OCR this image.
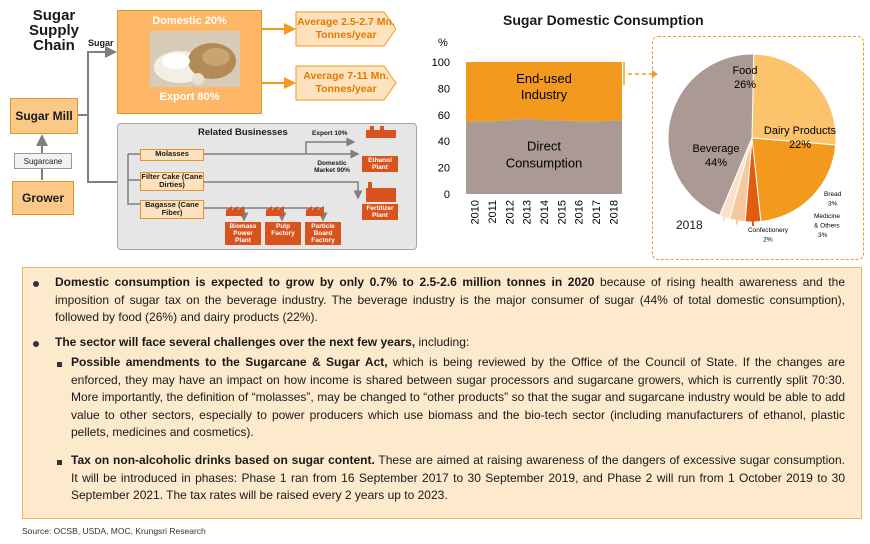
Sugar Supply Chain
Sugar Mill
Sugarcane
Grower
Sugar
Domestic 20%
Export 80%
Average 2.5-2.7 Mn. Tonnes/year
Average 7-11 Mn. Tonnes/year
Related Businesses
Molasses
Filter Cake (Cane Dirties)
Bagasse (Cane Fiber)
Export 10%
Domestic Market 90%
Ethanol Plant
Fertilizer Plant
Biomass Power Plant
Pulp Factory
Particle Board Factory
Sugar Domestic Consumption
%
0
20
40
60
80
100
2010 2011 2012 2013 2014 2015 2016 2017 2018
End-used
Industry
Direct
Consumption
Food
26%
Dairy Products
22%
Bread
3%
Medicine
& Others
3%
Confectionery
2%
Beverage
44%
2018
Domestic consumption is expected to grow by only 0.7% to 2.5-2.6 million tonnes in 2020 because of rising health awareness and the imposition of sugar tax on the beverage industry. The beverage industry is the major consumer of sugar (44% of total domestic consumption), followed by food (26%) and dairy products (22%).
The sector will face several challenges over the next few years, including:
Possible amendments to the Sugarcane & Sugar Act, which is being reviewed by the Office of the Council of State. If the changes are enforced, they may have an impact on how income is shared between sugar processors and sugarcane growers, which is currently split 70:30. More importantly, the definition of “molasses”, may be changed to “other products” so that the sugar and sugarcane industry would be able to add value to other sectors, especially to power producers which use biomass and the bio-tech sector (including manufacturers of ethanol, plastic pellets, medicines and cosmetics).
Tax on non-alcoholic drinks based on sugar content. These are aimed at raising awareness of the dangers of excessive sugar consumption. It will be introduced in phases: Phase 1 ran from 16 September 2017 to 30 September 2019, and Phase 2 will run from 1 October 2019 to 30 September 2021. The tax rates will be raised every 2 years up to 2023.
Source: OCSB, USDA, MOC, Krungsri Research
